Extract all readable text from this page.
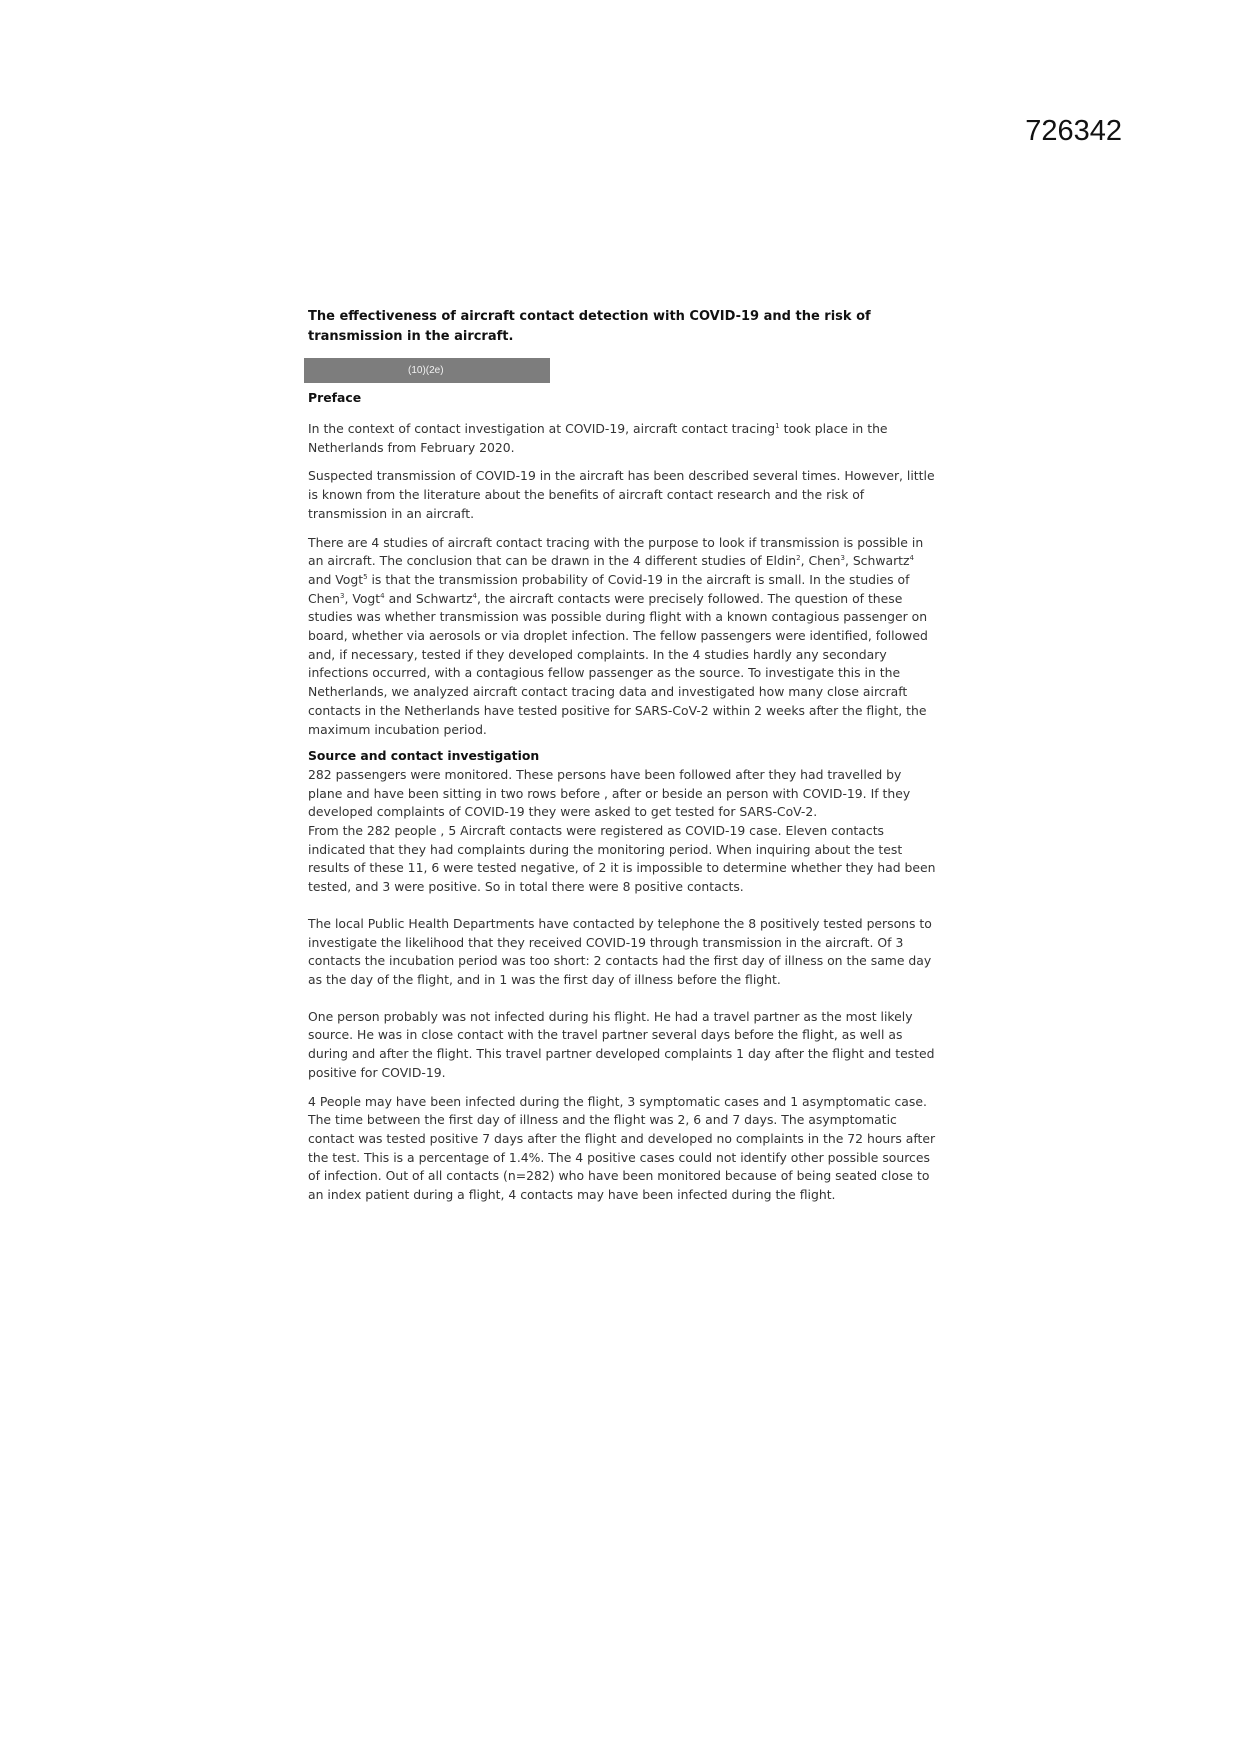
726342
The effectiveness of aircraft contact detection with COVID-19 and the risk of transmission in the aircraft.
(10)(2e)
Preface

In the context of contact investigation at COVID-19, aircraft contact tracing$^1$ took place in the Netherlands from February 2020.

Suspected transmission of COVID-19 in the aircraft has been described several times. However, little is known from the literature about the benefits of aircraft contact research and the risk of transmission in an aircraft.

There are 4 studies of aircraft contact tracing with the purpose to look if transmission is possible in an aircraft. The conclusion that can be drawn in the 4 different studies of Eldin$^2$, Chen$^3$, Schwartz$^4$ and Vogt$^5$ is that the transmission probability of Covid-19 in the aircraft is small. In the studies of Chen$^3$, Vogt$^4$ and Schwartz$^4$, the aircraft contacts were precisely followed. The question of these studies was whether transmission was possible during flight with a known contagious passenger on board, whether via aerosols or via droplet infection. The fellow passengers were identified, followed and, if necessary, tested if they developed complaints. In the 4 studies hardly any secondary infections occurred, with a contagious fellow passenger as the source. To investigate this in the Netherlands, we analyzed aircraft contact tracing data and investigated how many close aircraft contacts in the Netherlands have tested positive for SARS-CoV-2 within 2 weeks after the flight, the maximum incubation period.

Source and contact investigation

282 passengers were monitored. These persons have been followed after they had travelled by plane and have been sitting in two rows before , after or beside an person with COVID-19. If they developed complaints of COVID-19 they were asked to get tested for SARS-CoV-2.

From the 282 people , 5 Aircraft contacts were registered as COVID-19 case. Eleven contacts indicated that they had complaints during the monitoring period. When inquiring about the test results of these 11, 6 were tested negative, of 2 it is impossible to determine whether they had been tested, and 3 were positive. So in total there were 8 positive contacts.

The local Public Health Departments have contacted by telephone the 8 positively tested persons to investigate the likelihood that they received COVID-19 through transmission in the aircraft. Of 3 contacts the incubation period was too short: 2 contacts had the first day of illness on the same day as the day of the flight, and in 1 was the first day of illness before the flight.

One person probably was not infected during his flight. He had a travel partner as the most likely source. He was in close contact with the travel partner several days before the flight, as well as during and after the flight. This travel partner developed complaints 1 day after the flight and tested positive for COVID-19.

4 People may have been infected during the flight, 3 symptomatic cases and 1 asymptomatic case. The time between the first day of illness and the flight was 2, 6 and 7 days. The asymptomatic contact was tested positive 7 days after the flight and developed no complaints in the 72 hours after the test. This is a percentage of 1.4%. The 4 positive cases could not identify other possible sources of infection. Out of all contacts (n=282) who have been monitored because of being seated close to an index patient during a flight, 4 contacts may have been infected during the flight.
